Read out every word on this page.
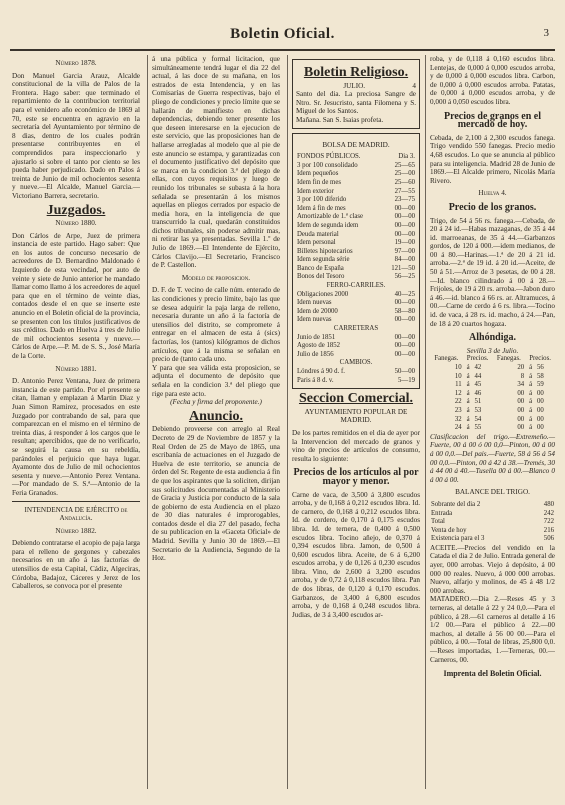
Boletin Oficial.	3
Número 1878.
Don Manuel Garcia Arauz, Alcalde constitucional de la villa de Palos de la Frontera. Hago saber: que terminado el repartimiento de la contribucion territorial para el venidero año económico de 1869 al 70, este se encuentra en agravio en la secretaría del Ayuntamiento por término de 8 dias, dentro de los cuales podrán presentarse contribuyentes en el comprendidos para inspeccionarlo y ajustarlo si sobre el tanto por ciento se les pueda haber perjudicado. Dado en Palos á treinta de Junio de mil ochocientos sesenta y nueve.—El Alcalde, Manuel Garcia.—Victoriano Barrera, secretario.
Juzgados.
Número 1880.
Don Cárlos de Arpe, Juez de primera instancia de este partido. Hago saber: Que en los autos de concurso necesario de acreedores de D. Bernardino Maldonado é Izquierdo de esta vecindad, por auto de veinte y siete de Junio anterior he mandado llamar como llamo á los acreedores de aquel para que en el término de veinte dias, contados desde el en que se inserte este anuncio en el Boletin oficial de la provincia, se presenten con los títulos justificativos de sus créditos. Dado en Huelva á tres de Julio de mil ochocientos sesenta y nueve.—Cárlos de Arpe.—P. M. de S. S., José María de la Corte.
Número 1881.
D. Antonio Perez Ventana, Juez de primera instancia de este partido. Por el presente se citan, llaman y emplazan á Martin Diaz y Juan Simon Ramirez, procesados en este Juzgado por contrabando de sal, para que comparezcan en el mismo en el término de treinta dias, á responder á los cargos que le resultan; apercibidos, que de no verificarlo, se seguirá la causa en su rebeldía, parándoles el perjuicio que haya lugar. Ayamonte dos de Julio de mil ochocientos sesenta y nueve.—Antonio Perez Ventana.—Por mandado de S. S.ª—Antonio de la Feria Granados.
INTENDENCIA DE EJÉRCITO de Andalucía.
Número 1882.
Debiendo contratarse el acopio de paja larga para el relleno de gergones y cabezales necesarios en un año á las factorías de utensilios de esta Capital, Cádiz, Algeciras, Córdoba, Badajoz, Cáceres y Jerez de los Caballeros, se convoca por el presente
á una pública y formal licitacion, que simultáneamente tendrá lugar el dia 22 del actual, á las doce de su mañana, en los estrados de esta Intendencia, y en las Comisarías de Guerra respectivas, bajo el pliego de condiciones y precio límite que se hallarán de manifiesto en dichas dependencias, debiendo tener presente los que deseen interesarse en la ejecucion de este servicio, que las proposiciones han de hallarse arregladas al modelo que al pie de este anuncio se estampa, y garantizadas con el documento justificativo del depósito que se marca en la condicion 3.ª del pliego de ellas, con cuyos requisitos y luego de reunido los tribunales se subasta á la hora señalada se presentarán á los mismos aquellas en pliegos cerrados por espacio de media hora, en la inteligencia de que transcurrido la cual, quedarán constituidos dichos tribunales, sin poderse admitir mas, ni retirar las ya presentadas. Sevilla 1.º de Julio de 1869.—El Intendente de Ejército, Cárlos Clavijo.—El Secretario, Francisco de P. Castellon.
Modelo de proposicion.
D. F. de T. vecino de calle núm. enterado de las condiciones y precio límite, bajo las que se desea adquirir la paja larga de relleno, necesaria durante un año á la factoría de utensilios del distrito, se compromete á entregar en el almacen de esta á (sics) factorías, los (tantos) kilógramos de dichos artículos, que á la misma se señalan en precio de (tanto cada uno.
Y para que sea válida esta proposicion, se adjunta el documento de depósito que señala en la condicion 3.ª del pliego que rige para este acto.
(Fecha y firma del proponente.)
Anuncio.
Debiendo proveerse con arreglo al Real Decreto de 29 de Noviembre de 1857 y la Real Orden de 25 de Mayo de 1865, una escribanía de actuaciones en el Juzgado de Huelva de este territorio, se anuncia de órden del Sr. Regente de esta audiencia á fin de que los aspirantes que la soliciten, dirijan sus solicitudes documentadas al Ministerio de Gracia y Justicia por conducto de la sala de gobierno de esta Audiencia en el plazo de 30 dias naturales é improrogables, contados desde el dia 27 del pasado, fecha de su publicacion en la «Gaceta Oficial» de Madrid. Sevilla y Junio 30 de 1869.—El Secretario de la Audiencia, Segundo de la Hoz.
Boletin Religioso.
JULIO.	4
Santo del dia. La preciosa Sangre de Ntro. Sr. Jesucristo, santa Filomena y S. Miguel de los Santos.
Mañana. San S. Isaias profeta.
BOLSA DE MADRID.
FONDOS PÚBLICOS.	Dia 3.
3 por 100 consolidado	25—65
Idem pequeños	25—00
Idem fin de mes	25—60
Idem exterior	27—55
3 por 100 diferido	23—75
Idem á fin de mes	00—00
Amortizable de 1.ª clase	00—00
Idem de segunda idem	00—00
Deuda material	00—00
Idem personal	19—00
Billetes hipotecarios	97—00
Idem segunda série	84—00
Banco de España	121—50
Bonos del Tesoro	56—25
FERRO-CARRILES.	
Obligaciones 2000	40—25
Idem nuevas	00—00
Idem de 20000	58—80
Idem nuevas	00—00
CARRETERAS	
Junio de 1851	00—00
Agosto de 1852	00—00
Julio de 1856	00—00
CAMBIOS.	
Lóndres á 90 d. f.	50—00
Paris á 8 d. v.	5—19
Seccion Comercial.
AYUNTAMIENTO POPULAR DE MADRID.
De los partes remitidos en el dia de ayer por la Intervencion del mercado de granos y vino de precios de artículos de consumo, resulta lo siguiente:
Precios de los artículos al por mayor y menor.
Carne de vaca, de 3,500 á 3,800 escudos arroba, y de 0,168 á 0,212 escudos libra. Id. de carnero, de 0,168 á 0,212 escudos libra. Id. de cordero, de 0,170 á 0,175 escudos libra. Id. de ternera, de 0,400 á 0,500 escudos libra. Tocino añejo, de 0,370 á 0,394 escudos libra. Jamon, de 0,500 á 0,600 escudos libra. Aceite, de 6 á 6,200 escudos arroba, y de 0,126 á 0,230 escudos libra. Vino, de 2,600 á 3,200 escudos arroba, y de 0,72 á 0,118 escudos libra. Pan de dos libras, de 0,120 á 0,170 escudos. Garbanzos, de 3,400 á 6,800 escudos arroba, y de 0,168 á 0,248 escudos libra. Judias, de 3 á 3,400 escudos ar-
roba, y de 0,118 á 0,160 escudos libra. Lentejas, de 0,000 á 0,000 escudos arroba, y de 0,000 á 0,000 escudos libra. Carbon, de 0,000 á 0,000 escudos arroba. Patatas, de 0,000 á 0,000 escudos arroba, y de 0,000 á 0,050 escudos libra.
Precios de granos en el mercado de hoy.
Cebada, de 2,100 á 2,300 escudos fanega. Trigo vendido 550 fanegas. Precio medio 4,68 escudos. Lo que se anuncia al público para su inteligencia. Madrid 28 de Junio de 1869.—El Alcalde primero, Nicolás María Rivero.
Huelva 4.
Precio de los granos.
Trigo, de 54 á 56 rs. fanega.—Cebada, de 20 á 24 id.—Habas mazaganas, de 35 á 44 id. marroeanas, de 35 á 44.—Garbanzos gordos, de 120 á 000.—idem medianos, de 00 á 80.—Harinas.—1.ª de 20 á 21 id. arroba.—2.ª de 19 id. á 20 id.—Aceite, de 50 á 51.—Arroz de 3 pesetas, de 00 á 28.—Id. blanco cilindrado á 00 á 28.—Frijoles, de 19 á 20 rs. arroba.—Jabon duro á 46.—id. blanco á 66 rs. ar. Altramuces, á 00.—Carne de cerdo á 6 rs. libra.—Tocino id. de vaca, á 28 rs. id. macho, á 24.—Pan, de 18 á 20 cuartos hogaza.
Alhóndiga.
Sevilla 3 de Julio.
Fanegas.	Precios.		Fanegas.	Precios.	
10	á	42	20	á	56
10	á	44	8	á	58
11	á	45	34	á	59
12	á	46	00	á	00
22	á	51	00	á	00
23	á	53	00	á	00
32	á	54	00	á	00
24	á	55	00	á	00
Clasificacion del trigo.—Extremeño.—Fuerte, 00 á 00 ó 00 0,0—Pinton, 00 á 00 á 00 0,0.—Del pais.—Fuerte, 58 á 56 á 54 00 0,0.—Pinton, 00 á 42 á 38.—Tremés, 30 á 44 00 á 40.—Tusella 00 á 00.—Blanco 0 á 00 á 00.
BALANCE DEL TRIGO.
Sobrante del dia 2	480
Entrada	242
Total	722
Venta de hoy	216
Existencia para el 3	506
ACEITE.—Precios del vendido en la Catada el dia 2 de Julio. Entrada general de ayer, 000 arrobas. Viejo á depósito, á 00 000 00 reales. Nuevo, á 000 000 arrobas. Nuevo, alfarjo y molinos, de 45 á 48 1/2 000 arrobas.
MATADERO.—Dia 2.—Reses 45 y 3 terneras, al detalle á 22 y 24 0,0.—Para el público, á 28.—61 carneros al detalle á 16 1/2 00.—Para el público á 22.—00 machos, al detalle á 56 00 00.—Para el público, á 00.—Total de libras, 25,800 0,0.—Reses importadas, 1.—Terneras, 00.—Carneros, 00.
Imprenta del Boletin Oficial.
